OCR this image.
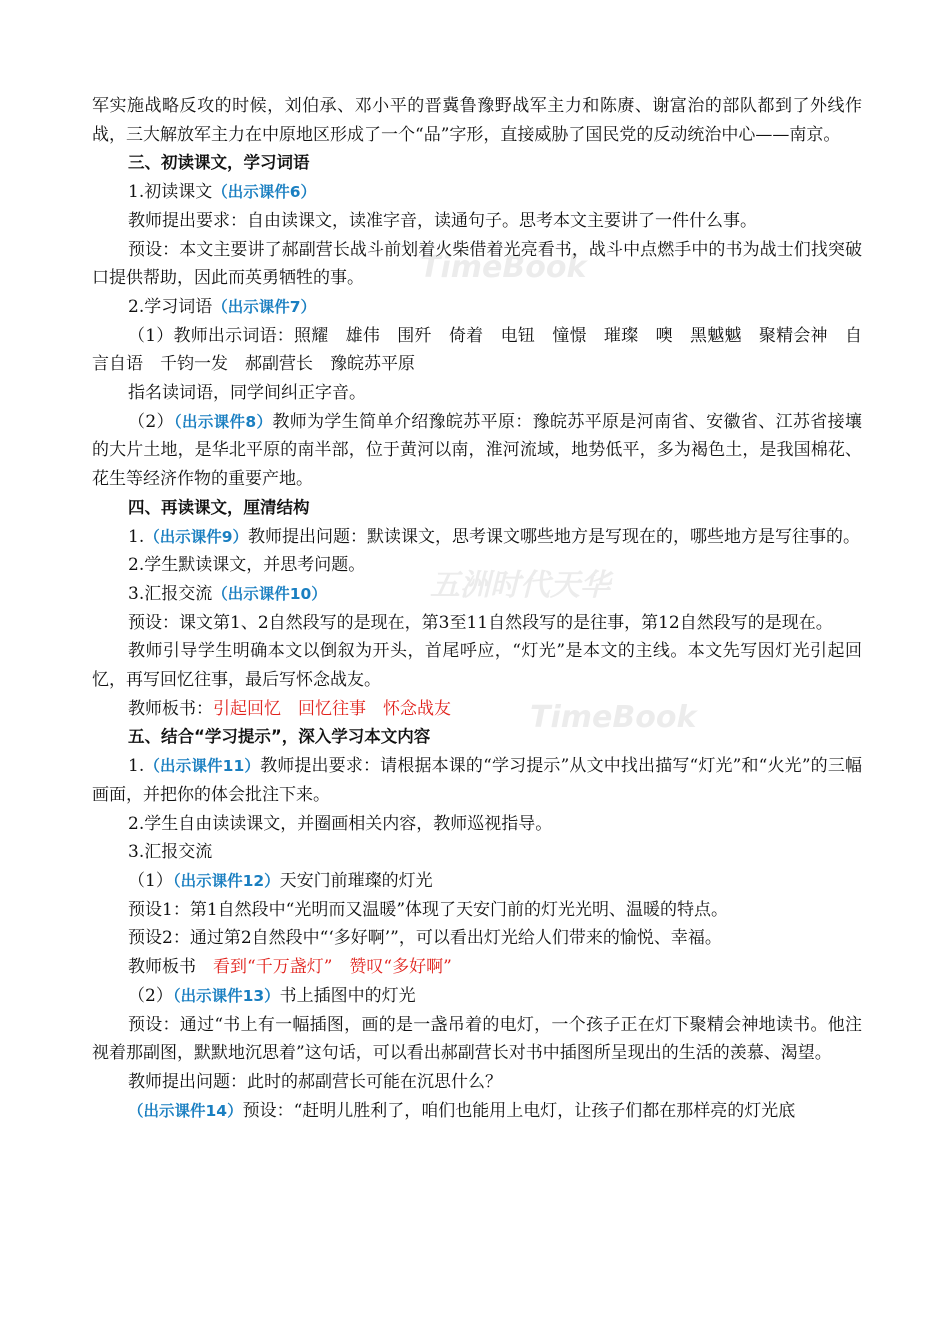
TimeBook
五洲时代天华
TimeBook

军实施战略反攻的时候，刘伯承、邓小平的晋冀鲁豫野战军主力和陈赓、谢富治的部队都到了外线作战，三大解放军主力在中原地区形成了一个“品”字形，直接威胁了国民党的反动统治中心——南京。

三、初读课文，学习词语

1.初读课文（出示课件6）

教师提出要求：自由读课文，读准字音，读通句子。思考本文主要讲了一件什么事。

预设：本文主要讲了郝副营长战斗前划着火柴借着光亮看书，战斗中点燃手中的书为战士们找突破口提供帮助，因此而英勇牺牲的事。

2.学习词语（出示课件7）

（1）教师出示词语：照耀　雄伟　围歼　倚着　电钮　憧憬　璀璨　噢　黑魆魆　聚精会神　自言自语　千钧一发　郝副营长　豫皖苏平原

指名读词语，同学间纠正字音。

（2）（出示课件8）教师为学生简单介绍豫皖苏平原：豫皖苏平原是河南省、安徽省、江苏省接壤的大片土地，是华北平原的南半部，位于黄河以南，淮河流域，地势低平，多为褐色土，是我国棉花、花生等经济作物的重要产地。

四、再读课文，厘清结构

1.（出示课件9）教师提出问题：默读课文，思考课文哪些地方是写现在的，哪些地方是写往事的。

2.学生默读课文，并思考问题。

3.汇报交流（出示课件10）

预设：课文第1、2自然段写的是现在，第3至11自然段写的是往事，第12自然段写的是现在。

教师引导学生明确本文以倒叙为开头，首尾呼应，“灯光”是本文的主线。本文先写因灯光引起回忆，再写回忆往事，最后写怀念战友。

教师板书：引起回忆　 回忆往事　 怀念战友

五、结合“学习提示”，深入学习本文内容

1.（出示课件11）教师提出要求：请根据本课的“学习提示”从文中找出描写“灯光”和“火光”的三幅画面，并把你的体会批注下来。

2.学生自由读读课文，并圈画相关内容，教师巡视指导。

3.汇报交流

（1）（出示课件12）天安门前璀璨的灯光

预设1：第1自然段中“光明而又温暖”体现了天安门前的灯光光明、温暖的特点。

预设2：通过第2自然段中“‘多好啊’”，可以看出灯光给人们带来的愉悦、幸福。

教师板书　看到“千万盏灯”　 赞叹“多好啊”

（2）（出示课件13）书上插图中的灯光

预设：通过“书上有一幅插图，画的是一盏吊着的电灯，一个孩子正在灯下聚精会神地读书。他注视着那副图，默默地沉思着”这句话，可以看出郝副营长对书中插图所呈现出的生活的羡慕、渴望。

教师提出问题：此时的郝副营长可能在沉思什么？

（出示课件14）预设：“赶明儿胜利了，咱们也能用上电灯，让孩子们都在那样亮的灯光底
